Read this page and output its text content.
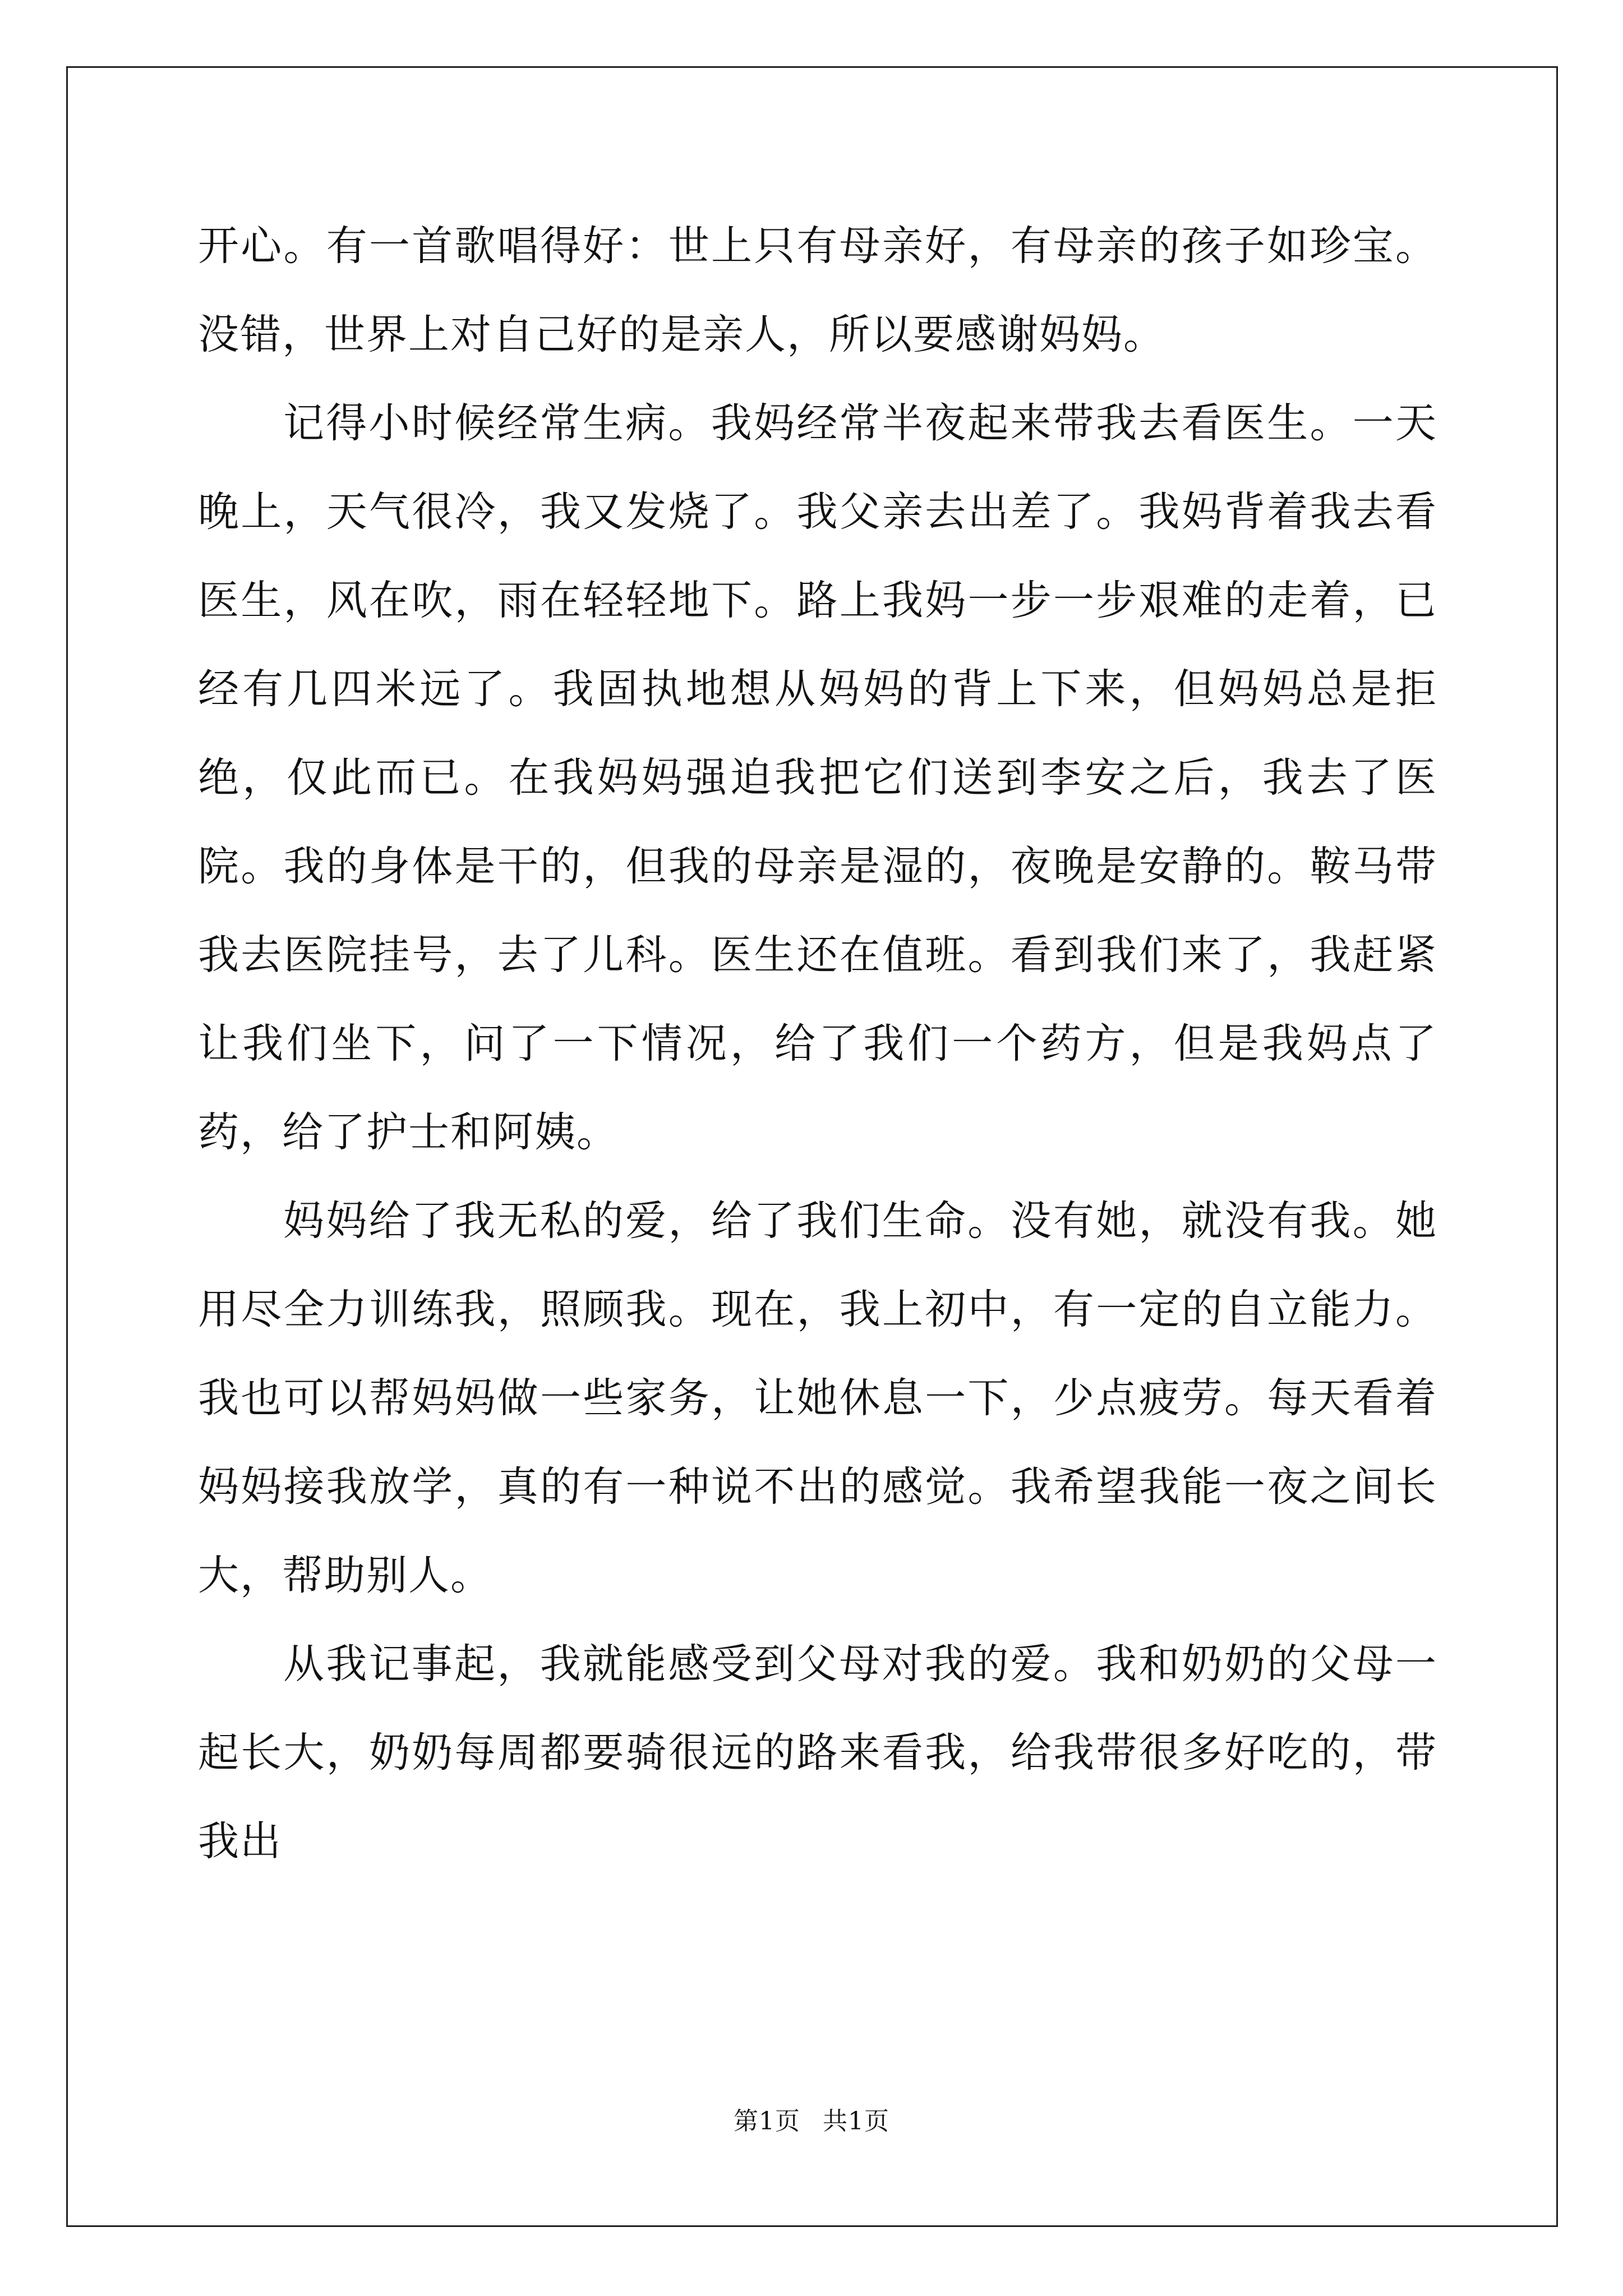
开心。有一首歌唱得好：世上只有母亲好，有母亲的孩子如珍宝。没错，世界上对自己好的是亲人，所以要感谢妈妈。

记得小时候经常生病。我妈经常半夜起来带我去看医生。一天晚上，天气很冷，我又发烧了。我父亲去出差了。我妈背着我去看医生，风在吹，雨在轻轻地下。路上我妈一步一步艰难的走着，已经有几四米远了。我固执地想从妈妈的背上下来，但妈妈总是拒绝，仅此而已。在我妈妈强迫我把它们送到李安之后，我去了医院。我的身体是干的，但我的母亲是湿的，夜晚是安静的。鞍马带我去医院挂号，去了儿科。医生还在值班。看到我们来了，我赶紧让我们坐下，问了一下情况，给了我们一个药方，但是我妈点了药，给了护士和阿姨。

妈妈给了我无私的爱，给了我们生命。没有她，就没有我。她用尽全力训练我，照顾我。现在，我上初中，有一定的自立能力。我也可以帮妈妈做一些家务，让她休息一下，少点疲劳。每天看着妈妈接我放学，真的有一种说不出的感觉。我希望我能一夜之间长大，帮助别人。

从我记事起，我就能感受到父母对我的爱。我和奶奶的父母一起长大，奶奶每周都要骑很远的路来看我，给我带很多好吃的，带我出

第1页 共1页
